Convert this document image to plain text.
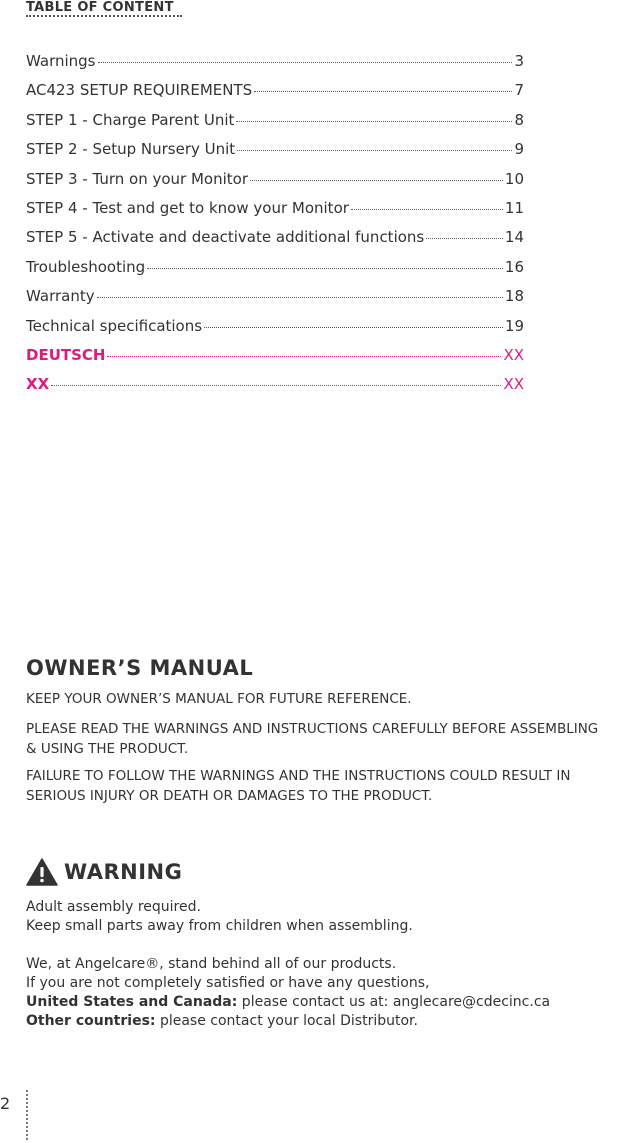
TABLE OF CONTENT
Warnings	3
AC423 SETUP REQUIREMENTS	7
STEP 1 - Charge Parent Unit	8
STEP 2 - Setup Nursery Unit	9
STEP 3 - Turn on your Monitor	10
STEP 4 - Test and get to know your Monitor	11
STEP 5 - Activate and deactivate additional functions	14
Troubleshooting	16
Warranty	18
Technical specifications	19
DEUTSCH	XX
XX	XX
OWNER’S MANUAL

KEEP YOUR OWNER’S MANUAL FOR FUTURE REFERENCE.

PLEASE READ THE WARNINGS AND INSTRUCTIONS CAREFULLY BEFORE ASSEMBLING & USING THE PRODUCT.

FAILURE TO FOLLOW THE WARNINGS AND THE INSTRUCTIONS COULD RESULT IN SERIOUS INJURY OR DEATH OR DAMAGES TO THE PRODUCT.

WARNING

Adult assembly required.

Keep small parts away from children when assembling.

We, at Angelcare®, stand behind all of our products.

If you are not completely satisfied or have any questions,

United States and Canada: please contact us at: anglecare@cdecinc.ca

Other countries: please contact your local Distributor.

2
